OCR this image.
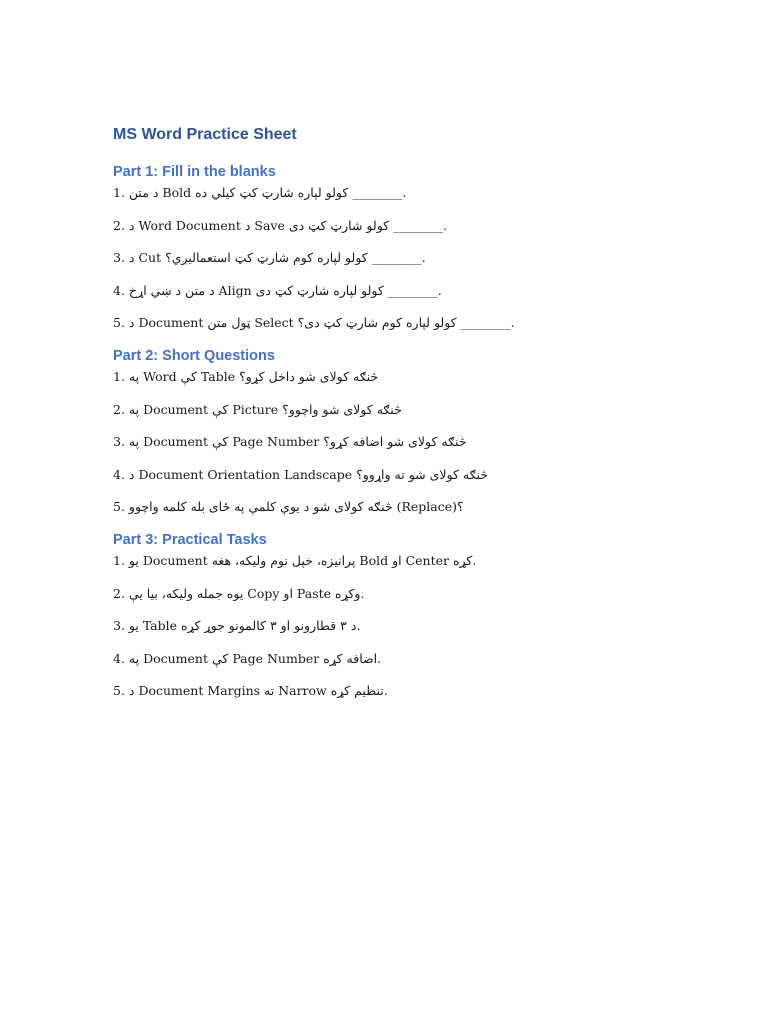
MS Word Practice Sheet
Part 1: Fill in the blanks
1. د متن Bold کولو لپاره شارټ کټ کيلي ده ________.
2. د Word Document د Save کولو شارټ کټ دی ________.
3. د Cut کولو لپاره کوم شارټ کټ استعمالیږي؟ ________.
4. د متن د ښي اړخ Align کولو لپاره شارټ کټ دی ________.
5. د Document ټول متن Select کولو لپاره کوم شارټ کټ دی؟ ________.
Part 2: Short Questions
1. په Word کې Table څنګه کولای شو داخل کړو؟
2. په Document کې Picture څنګه کولای شو واچوو؟
3. په Document کې Page Number څنګه کولای شو اضافه کړو؟
4. د Document Orientation Landscape څنګه کولای شو ته واړوو؟
5. څنګه کولای شو د یوې کلمې په ځای بله کلمه واچوو (Replace)؟
Part 3: Practical Tasks
1. یو Document پرانیزه، خپل نوم ولیکه، هغه Bold او Center کړه.
2. یوه جمله ولیکه، بیا یې Copy او Paste وکړه.
3. یو Table د ۳ قطارونو او ۳ کالمونو جوړ کړه.
4. په Document کې Page Number اضافه کړه.
5. د Document Margins ته Narrow تنظیم کړه.
